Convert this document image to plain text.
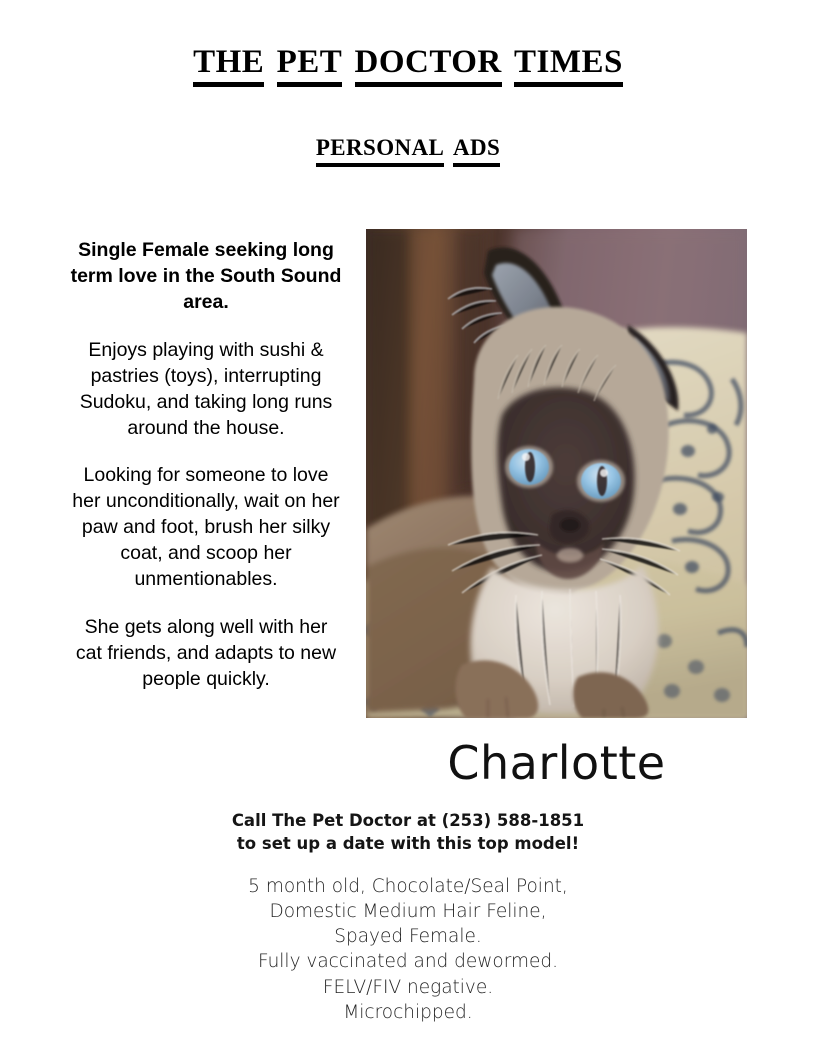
the pet doctor times
personal ads

Single Female seeking long term love in the South Sound area.

Enjoys playing with sushi & pastries (toys), interrupting Sudoku, and taking long runs around the house.

Looking for someone to love her unconditionally, wait on her paw and foot, brush her silky coat, and scoop her unmentionables.

She gets along well with her cat friends, and adapts to new people quickly.

Charlotte
Call The Pet Doctor at (253) 588-1851
to set up a date with this top model!
5 month old, Chocolate/Seal Point,
Domestic Medium Hair Feline,
Spayed Female.
Fully vaccinated and dewormed.
FELV/FIV negative.
Microchipped.
